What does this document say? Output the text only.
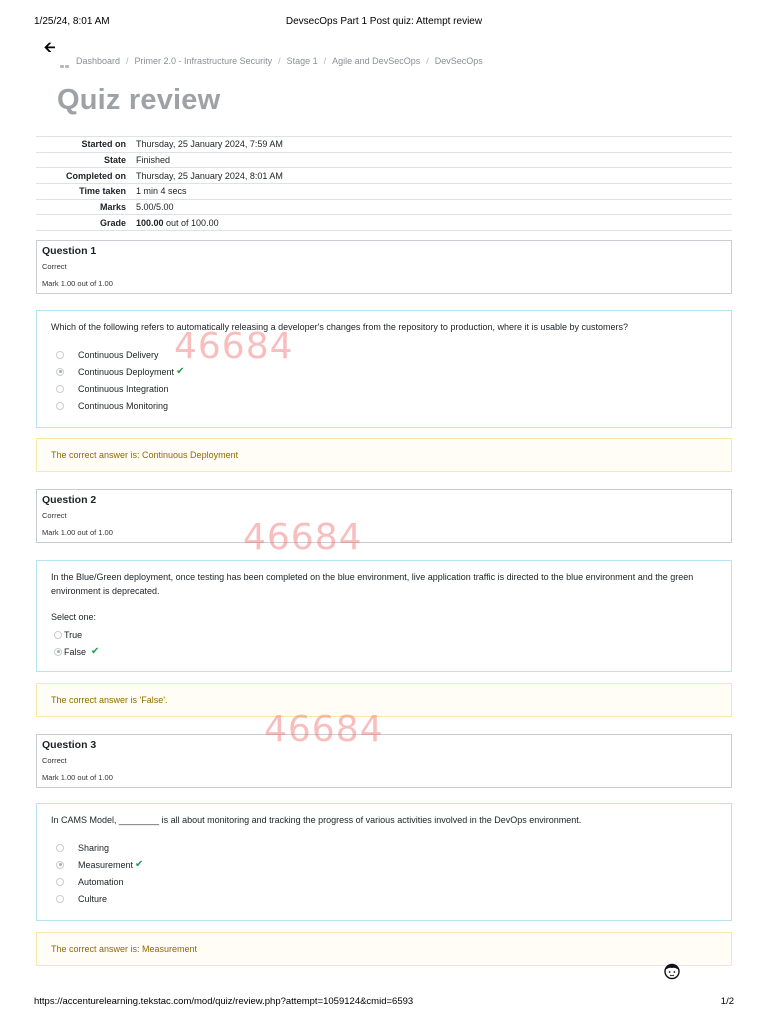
1/25/24, 8:01 AM	DevsecOps Part 1 Post quiz: Attempt review
🡨
Dashboard / Primer 2.0 - Infrastructure Security / Stage 1 / Agile and DevSecOps / DevSecOps
Quiz review
Started on	Thursday, 25 January 2024, 7:59 AM
State	Finished
Completed on	Thursday, 25 January 2024, 8:01 AM
Time taken	1 min 4 secs
Marks	5.00/5.00
Grade	100.00 out of 100.00
Question 1
Correct
Mark 1.00 out of 1.00
Which of the following refers to automatically releasing a developer's changes from the repository to production, where it is usable by customers?
Continuous Delivery
Continuous Deployment ✔
Continuous Integration
Continuous Monitoring
The correct answer is: Continuous Deployment
Question 2
Correct
Mark 1.00 out of 1.00
In the Blue/Green deployment, once testing has been completed on the blue environment, live application traffic is directed to the blue environment and the green environment is deprecated.
Select one:
True
False ✔
The correct answer is 'False'.
Question 3
Correct
Mark 1.00 out of 1.00
In CAMS Model, ________ is all about monitoring and tracking the progress of various activities involved in the DevOps environment.
Sharing
Measurement ✔
Automation
Culture
The correct answer is: Measurement
46684
46684
46684
https://accenturelearning.tekstac.com/mod/quiz/review.php?attempt=1059124&cmid=6593	1/2
